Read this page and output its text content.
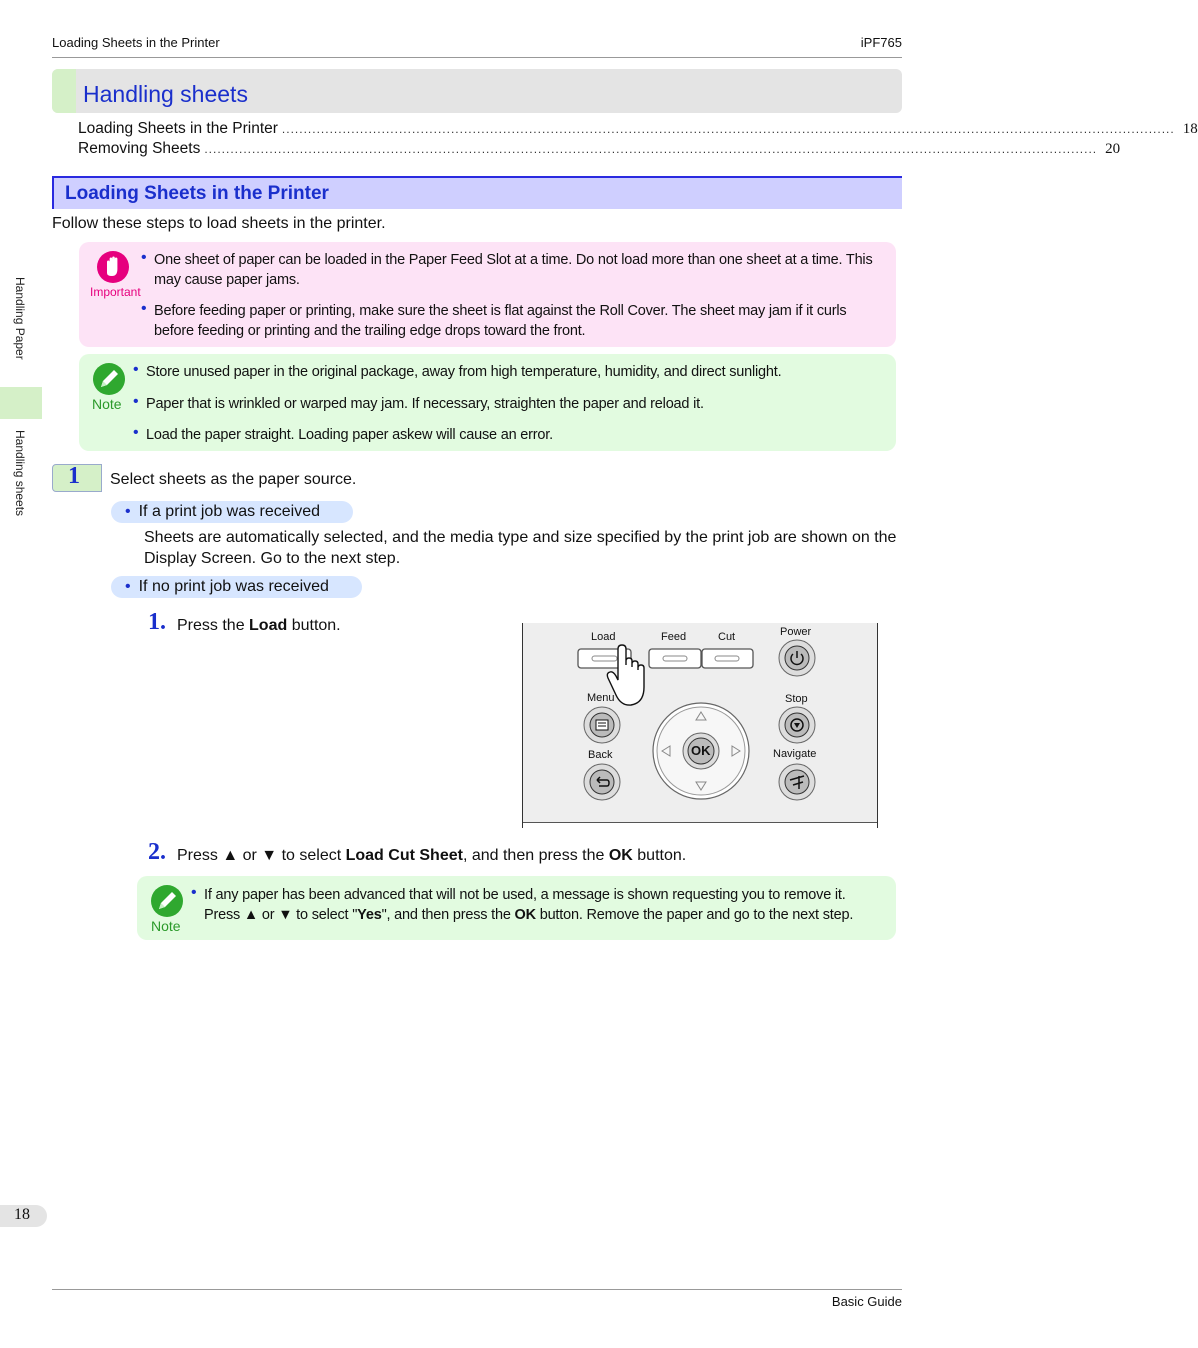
Loading Sheets in the Printer	iPF765
Handling sheets
Loading Sheets in the Printer .............................................................................................................................................................................................................. 18
Removing Sheets .............................................................................................................................................................................................................. 20
Loading Sheets in the Printer
Follow these steps to load sheets in the printer.
Handling Paper
Handling sheets
Important
• One sheet of paper can be loaded in the Paper Feed Slot at a time. Do not load more than one sheet at a time. This may cause paper jams.
• Before feeding paper or printing, make sure the sheet is flat against the Roll Cover. The sheet may jam if it curls before feeding or printing and the trailing edge drops toward the front.
Note
• Store unused paper in the original package, away from high temperature, humidity, and direct sunlight.
• Paper that is wrinkled or warped may jam. If necessary, straighten the paper and reload it.
• Load the paper straight. Loading paper askew will cause an error.
1 Select sheets as the paper source.
• If a print job was received
Sheets are automatically selected, and the media type and size specified by the print job are shown on the Display Screen. Go to the next step.
• If no print job was received
1. Press the Load button.
Load	Feed	Cut	Power
Menu	Stop
Back	Navigate
OK
2. Press ▲ or ▼ to select Load Cut Sheet, and then press the OK button.
Note
• If any paper has been advanced that will not be used, a message is shown requesting you to remove it.
Press ▲ or ▼ to select "Yes", and then press the OK button. Remove the paper and go to the next step.
18
Basic Guide
